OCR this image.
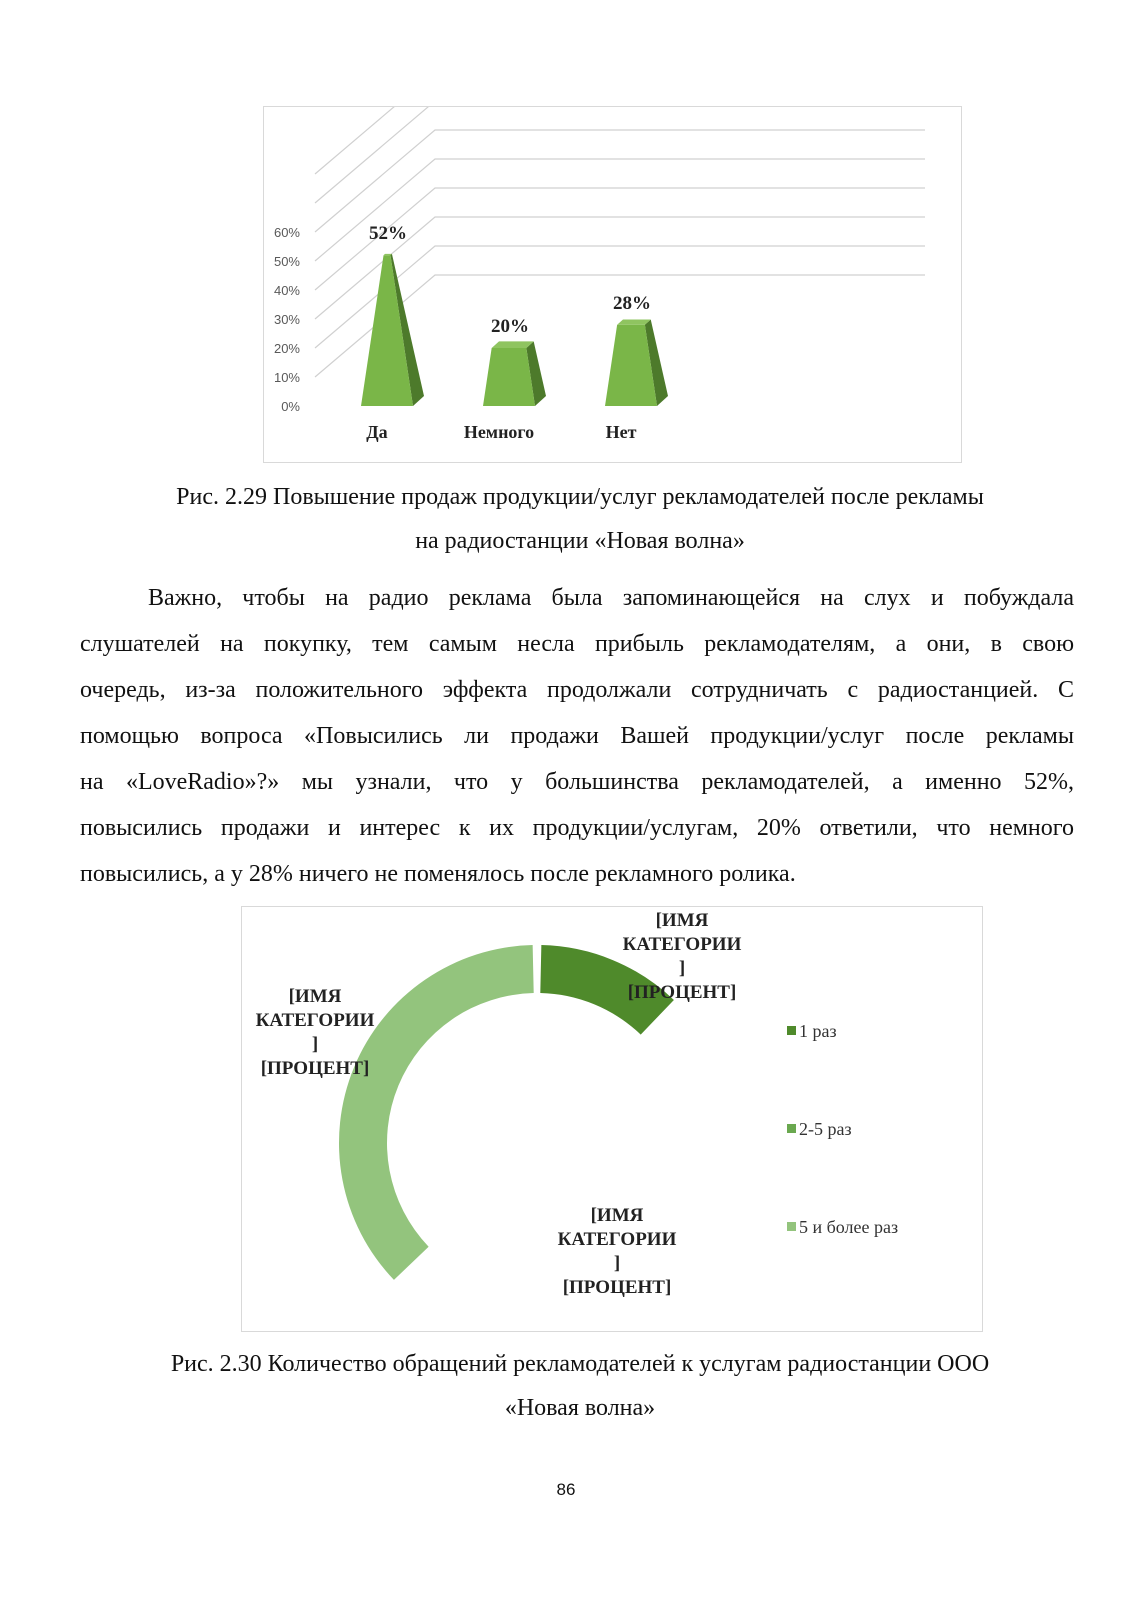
0%
10%
20%
30%
40%
50%
60%	52%
Да
20%
Немного
28%
Нет
Рис. 2.29 Повышение продаж продукции/услуг рекламодателей после рекламы
на радиостанции «Новая волна»
Важно, чтобы на радио реклама была запоминающейся на слух и побуждала
слушателей на покупку, тем самым несла прибыль рекламодателям, а они, в свою
очередь, из-за положительного эффекта продолжали сотрудничать с радиостанцией. С
помощью вопроса «Повысились ли продажи Вашей продукции/услуг после рекламы
на «LoveRadio»?» мы узнали, что у большинства рекламодателей, а именно 52%,
повысились продажи и интерес к их продукции/услугам, 20% ответили, что немного
повысились, а у 28% ничего не поменялось после рекламного ролика.
[ИМЯ
КАТЕГОРИИ
]
[ПРОЦЕНТ]
[ИМЯ
КАТЕГОРИИ
]
[ПРОЦЕНТ]
[ИМЯ
КАТЕГОРИИ
]
[ПРОЦЕНТ]
1 раз
2-5 раз
5 и более раз
Рис. 2.30 Количество обращений рекламодателей к услугам радиостанции ООО
«Новая волна»
86
